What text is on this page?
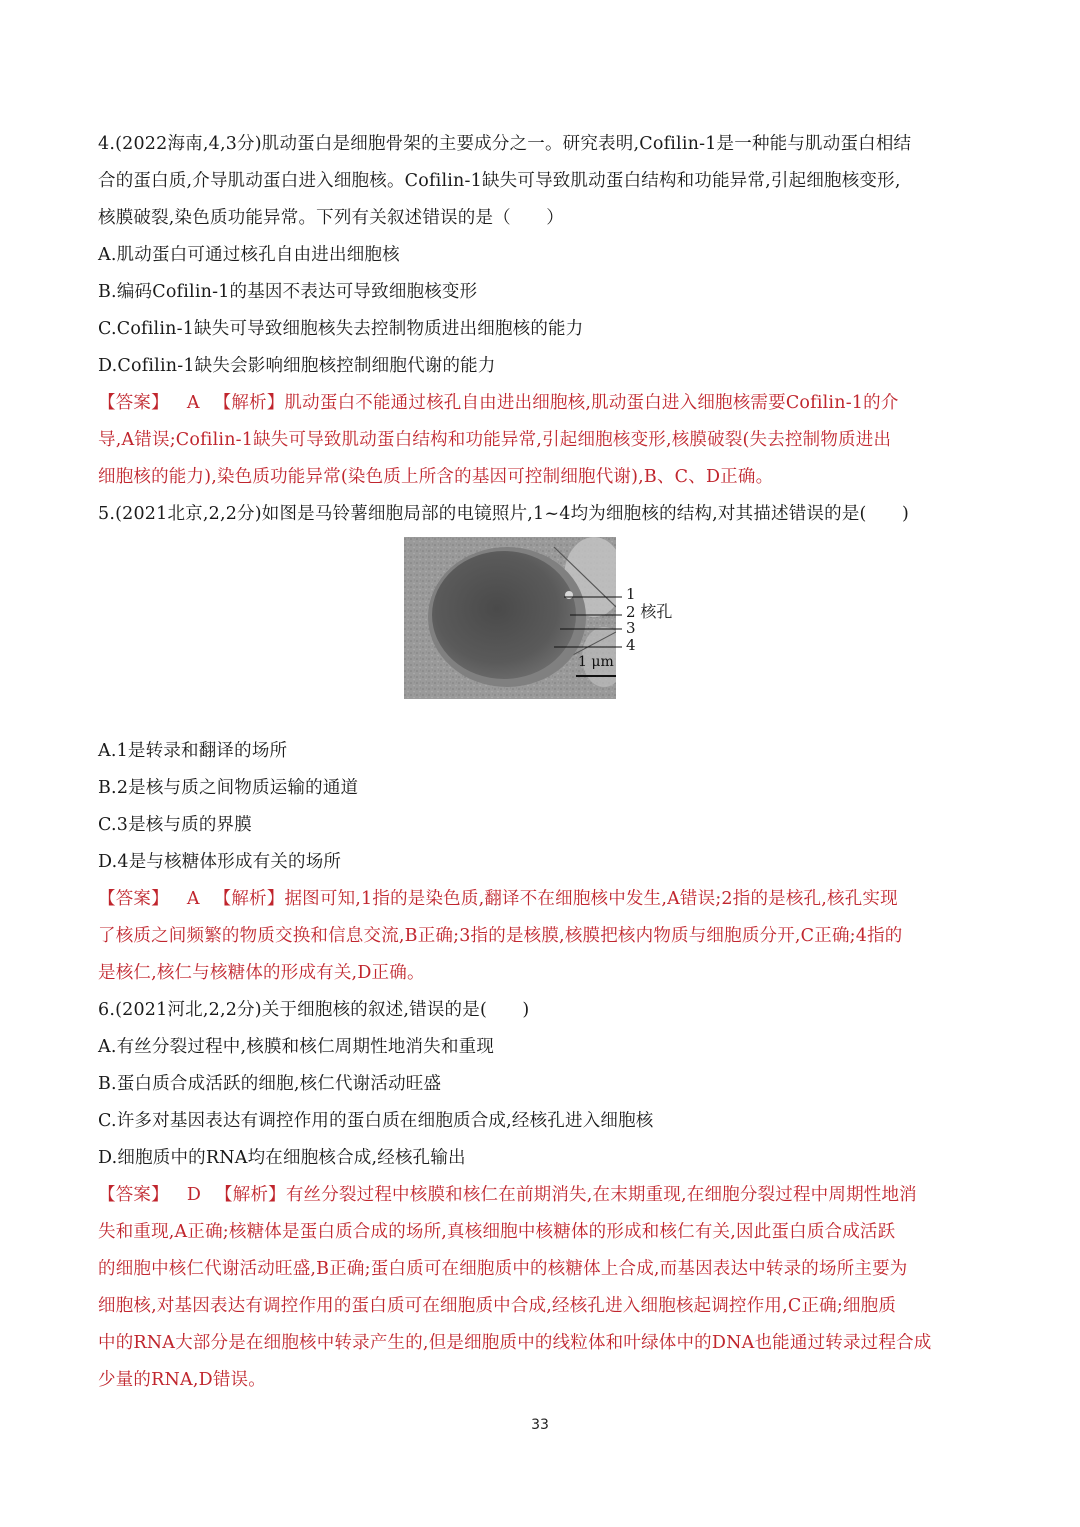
4.(2022海南,4,3分)肌动蛋白是细胞骨架的主要成分之一。研究表明,Cofilin-1是一种能与肌动蛋白相结
合的蛋白质,介导肌动蛋白进入细胞核。Cofilin-1缺失可导致肌动蛋白结构和功能异常,引起细胞核变形,
核膜破裂,染色质功能异常。下列有关叙述错误的是（　　）
A.肌动蛋白可通过核孔自由进出细胞核
B.编码Cofilin-1的基因不表达可导致细胞核变形
C.Cofilin-1缺失可导致细胞核失去控制物质进出细胞核的能力
D.Cofilin-1缺失会影响细胞核控制细胞代谢的能力
【答案】 A 【解析】肌动蛋白不能通过核孔自由进出细胞核,肌动蛋白进入细胞核需要Cofilin-1的介
导,A错误;Cofilin-1缺失可导致肌动蛋白结构和功能异常,引起细胞核变形,核膜破裂(失去控制物质进出
细胞核的能力),染色质功能异常(染色质上所含的基因可控制细胞代谢),B、C、D正确。
5.(2021北京,2,2分)如图是马铃薯细胞局部的电镜照片,1~4均为细胞核的结构,对其描述错误的是(　　)
1
2 核孔
3
4
1 μm
A.1是转录和翻译的场所
B.2是核与质之间物质运输的通道
C.3是核与质的界膜
D.4是与核糖体形成有关的场所
【答案】 A 【解析】据图可知,1指的是染色质,翻译不在细胞核中发生,A错误;2指的是核孔,核孔实现
了核质之间频繁的物质交换和信息交流,B正确;3指的是核膜,核膜把核内物质与细胞质分开,C正确;4指的
是核仁,核仁与核糖体的形成有关,D正确。
6.(2021河北,2,2分)关于细胞核的叙述,错误的是(　　)
A.有丝分裂过程中,核膜和核仁周期性地消失和重现
B.蛋白质合成活跃的细胞,核仁代谢活动旺盛
C.许多对基因表达有调控作用的蛋白质在细胞质合成,经核孔进入细胞核
D.细胞质中的RNA均在细胞核合成,经核孔输出
【答案】 D 【解析】有丝分裂过程中核膜和核仁在前期消失,在末期重现,在细胞分裂过程中周期性地消
失和重现,A正确;核糖体是蛋白质合成的场所,真核细胞中核糖体的形成和核仁有关,因此蛋白质合成活跃
的细胞中核仁代谢活动旺盛,B正确;蛋白质可在细胞质中的核糖体上合成,而基因表达中转录的场所主要为
细胞核,对基因表达有调控作用的蛋白质可在细胞质中合成,经核孔进入细胞核起调控作用,C正确;细胞质
中的RNA大部分是在细胞核中转录产生的,但是细胞质中的线粒体和叶绿体中的DNA也能通过转录过程合成
少量的RNA,D错误。
33
